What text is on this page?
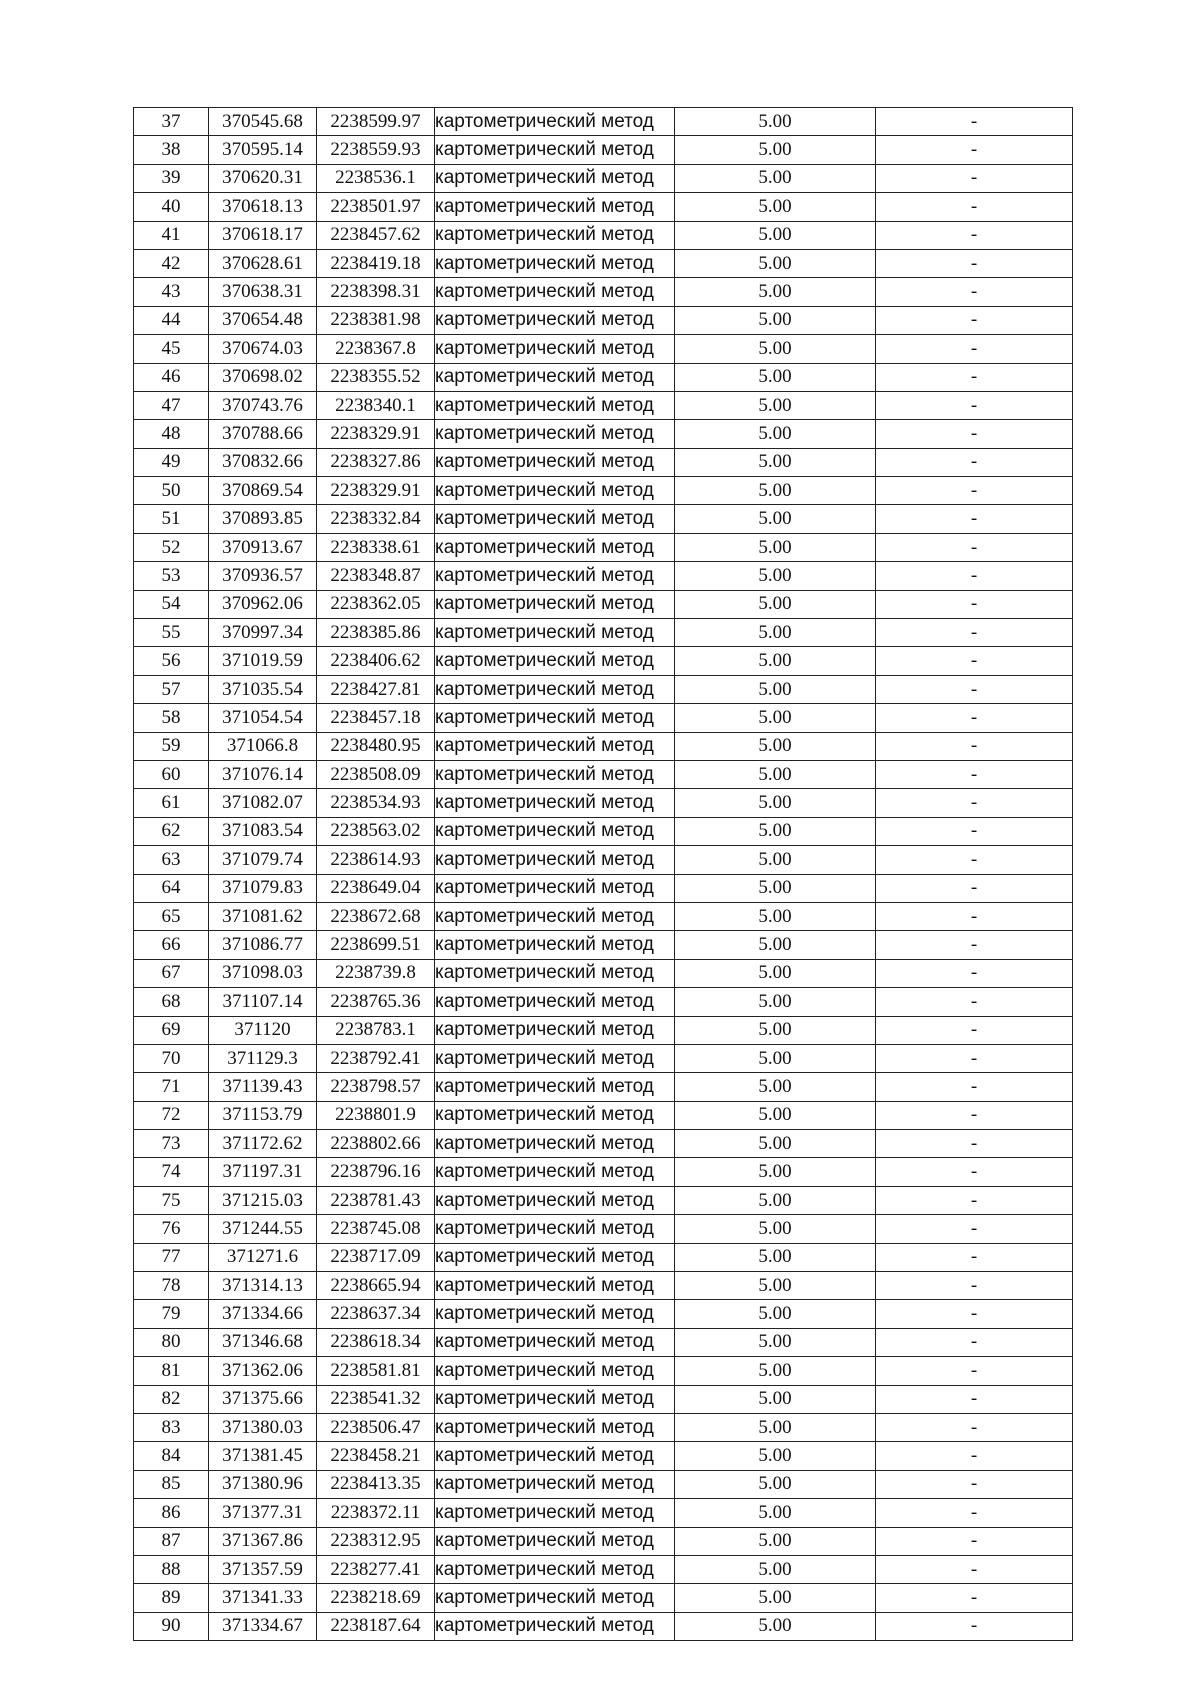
37	370545.68	2238599.97	картометрический метод	5.00	-
38	370595.14	2238559.93	картометрический метод	5.00	-
39	370620.31	2238536.1	картометрический метод	5.00	-
40	370618.13	2238501.97	картометрический метод	5.00	-
41	370618.17	2238457.62	картометрический метод	5.00	-
42	370628.61	2238419.18	картометрический метод	5.00	-
43	370638.31	2238398.31	картометрический метод	5.00	-
44	370654.48	2238381.98	картометрический метод	5.00	-
45	370674.03	2238367.8	картометрический метод	5.00	-
46	370698.02	2238355.52	картометрический метод	5.00	-
47	370743.76	2238340.1	картометрический метод	5.00	-
48	370788.66	2238329.91	картометрический метод	5.00	-
49	370832.66	2238327.86	картометрический метод	5.00	-
50	370869.54	2238329.91	картометрический метод	5.00	-
51	370893.85	2238332.84	картометрический метод	5.00	-
52	370913.67	2238338.61	картометрический метод	5.00	-
53	370936.57	2238348.87	картометрический метод	5.00	-
54	370962.06	2238362.05	картометрический метод	5.00	-
55	370997.34	2238385.86	картометрический метод	5.00	-
56	371019.59	2238406.62	картометрический метод	5.00	-
57	371035.54	2238427.81	картометрический метод	5.00	-
58	371054.54	2238457.18	картометрический метод	5.00	-
59	371066.8	2238480.95	картометрический метод	5.00	-
60	371076.14	2238508.09	картометрический метод	5.00	-
61	371082.07	2238534.93	картометрический метод	5.00	-
62	371083.54	2238563.02	картометрический метод	5.00	-
63	371079.74	2238614.93	картометрический метод	5.00	-
64	371079.83	2238649.04	картометрический метод	5.00	-
65	371081.62	2238672.68	картометрический метод	5.00	-
66	371086.77	2238699.51	картометрический метод	5.00	-
67	371098.03	2238739.8	картометрический метод	5.00	-
68	371107.14	2238765.36	картометрический метод	5.00	-
69	371120	2238783.1	картометрический метод	5.00	-
70	371129.3	2238792.41	картометрический метод	5.00	-
71	371139.43	2238798.57	картометрический метод	5.00	-
72	371153.79	2238801.9	картометрический метод	5.00	-
73	371172.62	2238802.66	картометрический метод	5.00	-
74	371197.31	2238796.16	картометрический метод	5.00	-
75	371215.03	2238781.43	картометрический метод	5.00	-
76	371244.55	2238745.08	картометрический метод	5.00	-
77	371271.6	2238717.09	картометрический метод	5.00	-
78	371314.13	2238665.94	картометрический метод	5.00	-
79	371334.66	2238637.34	картометрический метод	5.00	-
80	371346.68	2238618.34	картометрический метод	5.00	-
81	371362.06	2238581.81	картометрический метод	5.00	-
82	371375.66	2238541.32	картометрический метод	5.00	-
83	371380.03	2238506.47	картометрический метод	5.00	-
84	371381.45	2238458.21	картометрический метод	5.00	-
85	371380.96	2238413.35	картометрический метод	5.00	-
86	371377.31	2238372.11	картометрический метод	5.00	-
87	371367.86	2238312.95	картометрический метод	5.00	-
88	371357.59	2238277.41	картометрический метод	5.00	-
89	371341.33	2238218.69	картометрический метод	5.00	-
90	371334.67	2238187.64	картометрический метод	5.00	-
